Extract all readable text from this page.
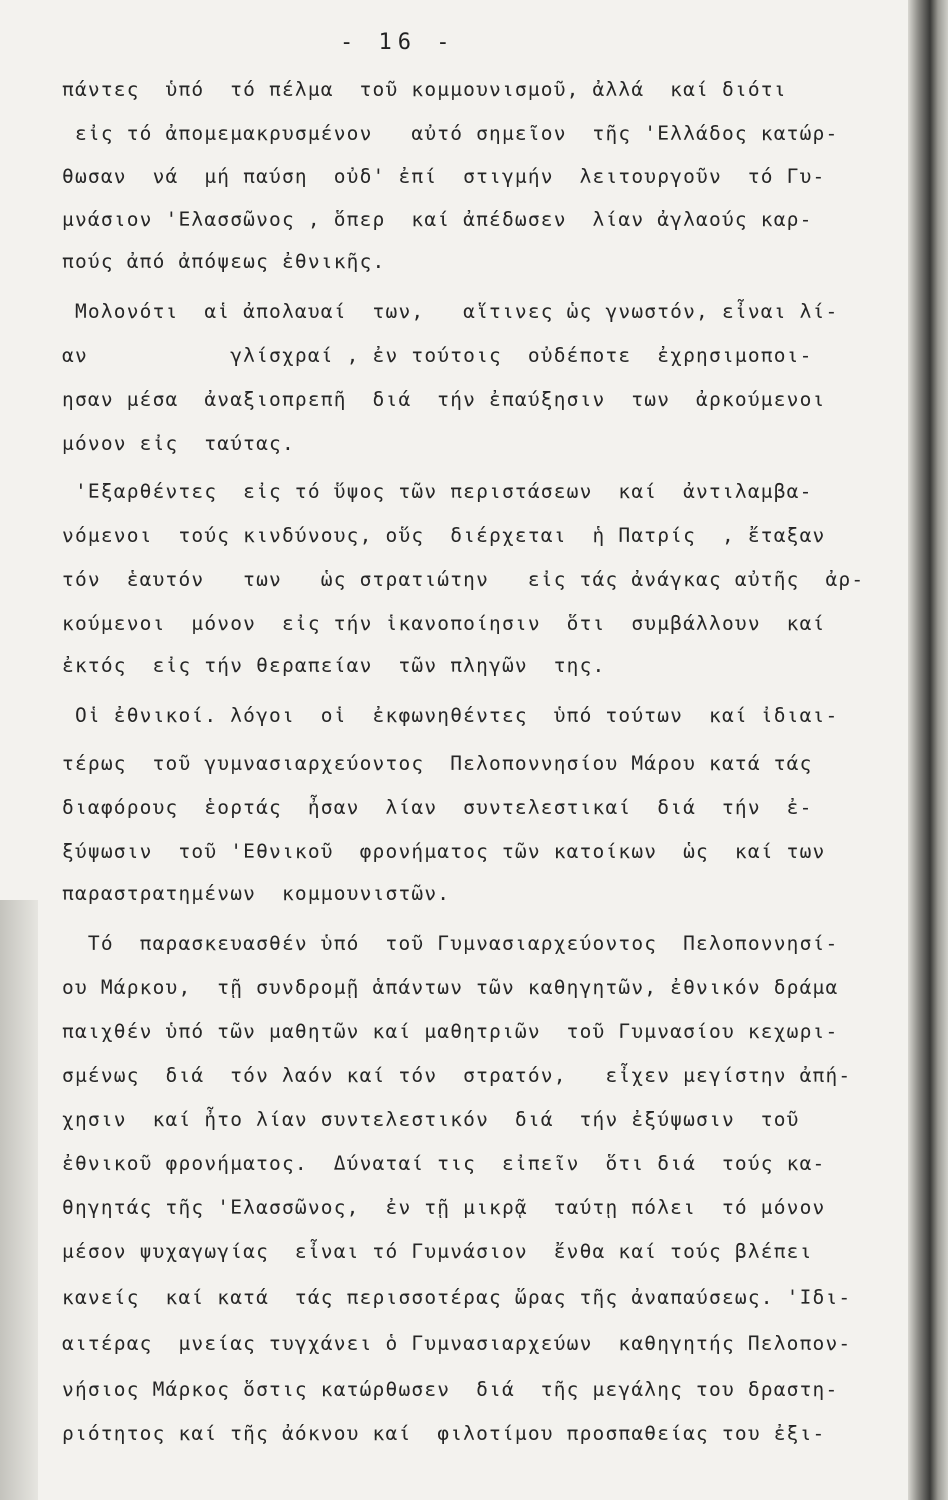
- 16 -
πάντες  ὑπό  τό πέλμα  τοῦ κομμουνισμοῦ, ἀλλά  καί διότι
εἰς τό ἀπομεμακρυσμένον   αὐτό σημεῖον  τῆς 'Ελλάδος κατώρ-
θωσαν  νά  μή παύση  οὐδ' ἐπί  στιγμήν  λειτουργοῦν  τό Γυ-
μνάσιον 'Ελασσῶνος , ὅπερ  καί ἀπέδωσεν  λίαν ἀγλαούς καρ-
πούς ἀπό ἀπόψεως ἐθνικῆς.
Μολονότι  αἱ ἀπολαυαί  των,   αἵτινες ὡς γνωστόν, εἶναι λί-
αν           γλίσχραί , ἐν τούτοις  οὐδέποτε  ἐχρησιμοποι-
ησαν μέσα  ἀναξιοπρεπῆ  διά  τήν ἐπαύξησιν  των  ἀρκούμενοι
μόνον εἰς  ταύτας.
'Εξαρθέντες  εἰς τό ὕψος τῶν περιστάσεων  καί  ἀντιλαμβα-
νόμενοι  τούς κινδύνους, οὕς  διέρχεται  ἡ Πατρίς  , ἔταξαν
τόν  ἑαυτόν   των   ὡς στρατιώτην   εἰς τάς ἀνάγκας αὐτῆς  ἀρ-
κούμενοι  μόνον  εἰς τήν ἱκανοποίησιν  ὅτι  συμβάλλουν  καί
ἐκτός  εἰς τήν θεραπείαν  τῶν πληγῶν  της.
Οἱ ἐθνικοί. λόγοι  οἱ  ἐκφωνηθέντες  ὑπό τούτων  καί ἰδιαι-
τέρως  τοῦ γυμνασιαρχεύοντος  Πελοποννησίου Μάρου κατά τάς
διαφόρους  ἑορτάς  ἦσαν  λίαν  συντελεστικαί  διά  τήν  ἐ-
ξύψωσιν  τοῦ 'Εθνικοῦ  φρονήματος τῶν κατοίκων  ὡς  καί των
παραστρατημένων  κομμουνιστῶν.
Τό  παρασκευασθέν ὑπό  τοῦ Γυμνασιαρχεύοντος  Πελοποννησί-
ου Μάρκου,  τῇ συνδρομῇ ἁπάντων τῶν καθηγητῶν, ἐθνικόν δράμα
παιχθέν ὑπό τῶν μαθητῶν καί μαθητριῶν  τοῦ Γυμνασίου κεχωρι-
σμένως  διά  τόν λαόν καί τόν  στρατόν,   εἶχεν μεγίστην ἀπή-
χησιν  καί ἦτο λίαν συντελεστικόν  διά  τήν ἐξύψωσιν  τοῦ
ἐθνικοῦ φρονήματος.  Δύναταί τις  εἰπεῖν  ὅτι διά  τούς κα-
θηγητάς τῆς 'Ελασσῶνος,  ἐν τῇ μικρᾷ  ταύτῃ πόλει  τό μόνον
μέσον ψυχαγωγίας  εἶναι τό Γυμνάσιον  ἔνθα καί τούς βλέπει
κανείς  καί κατά  τάς περισσοτέρας ὥρας τῆς ἀναπαύσεως. 'Ιδι-
αιτέρας  μνείας τυγχάνει ὁ Γυμνασιαρχεύων  καθηγητής Πελοπον-
νήσιος Μάρκος ὅστις κατώρθωσεν  διά  τῆς μεγάλης του δραστη-
ριότητος καί τῆς ἀόκνου καί  φιλοτίμου προσπαθείας του ἐξι-
